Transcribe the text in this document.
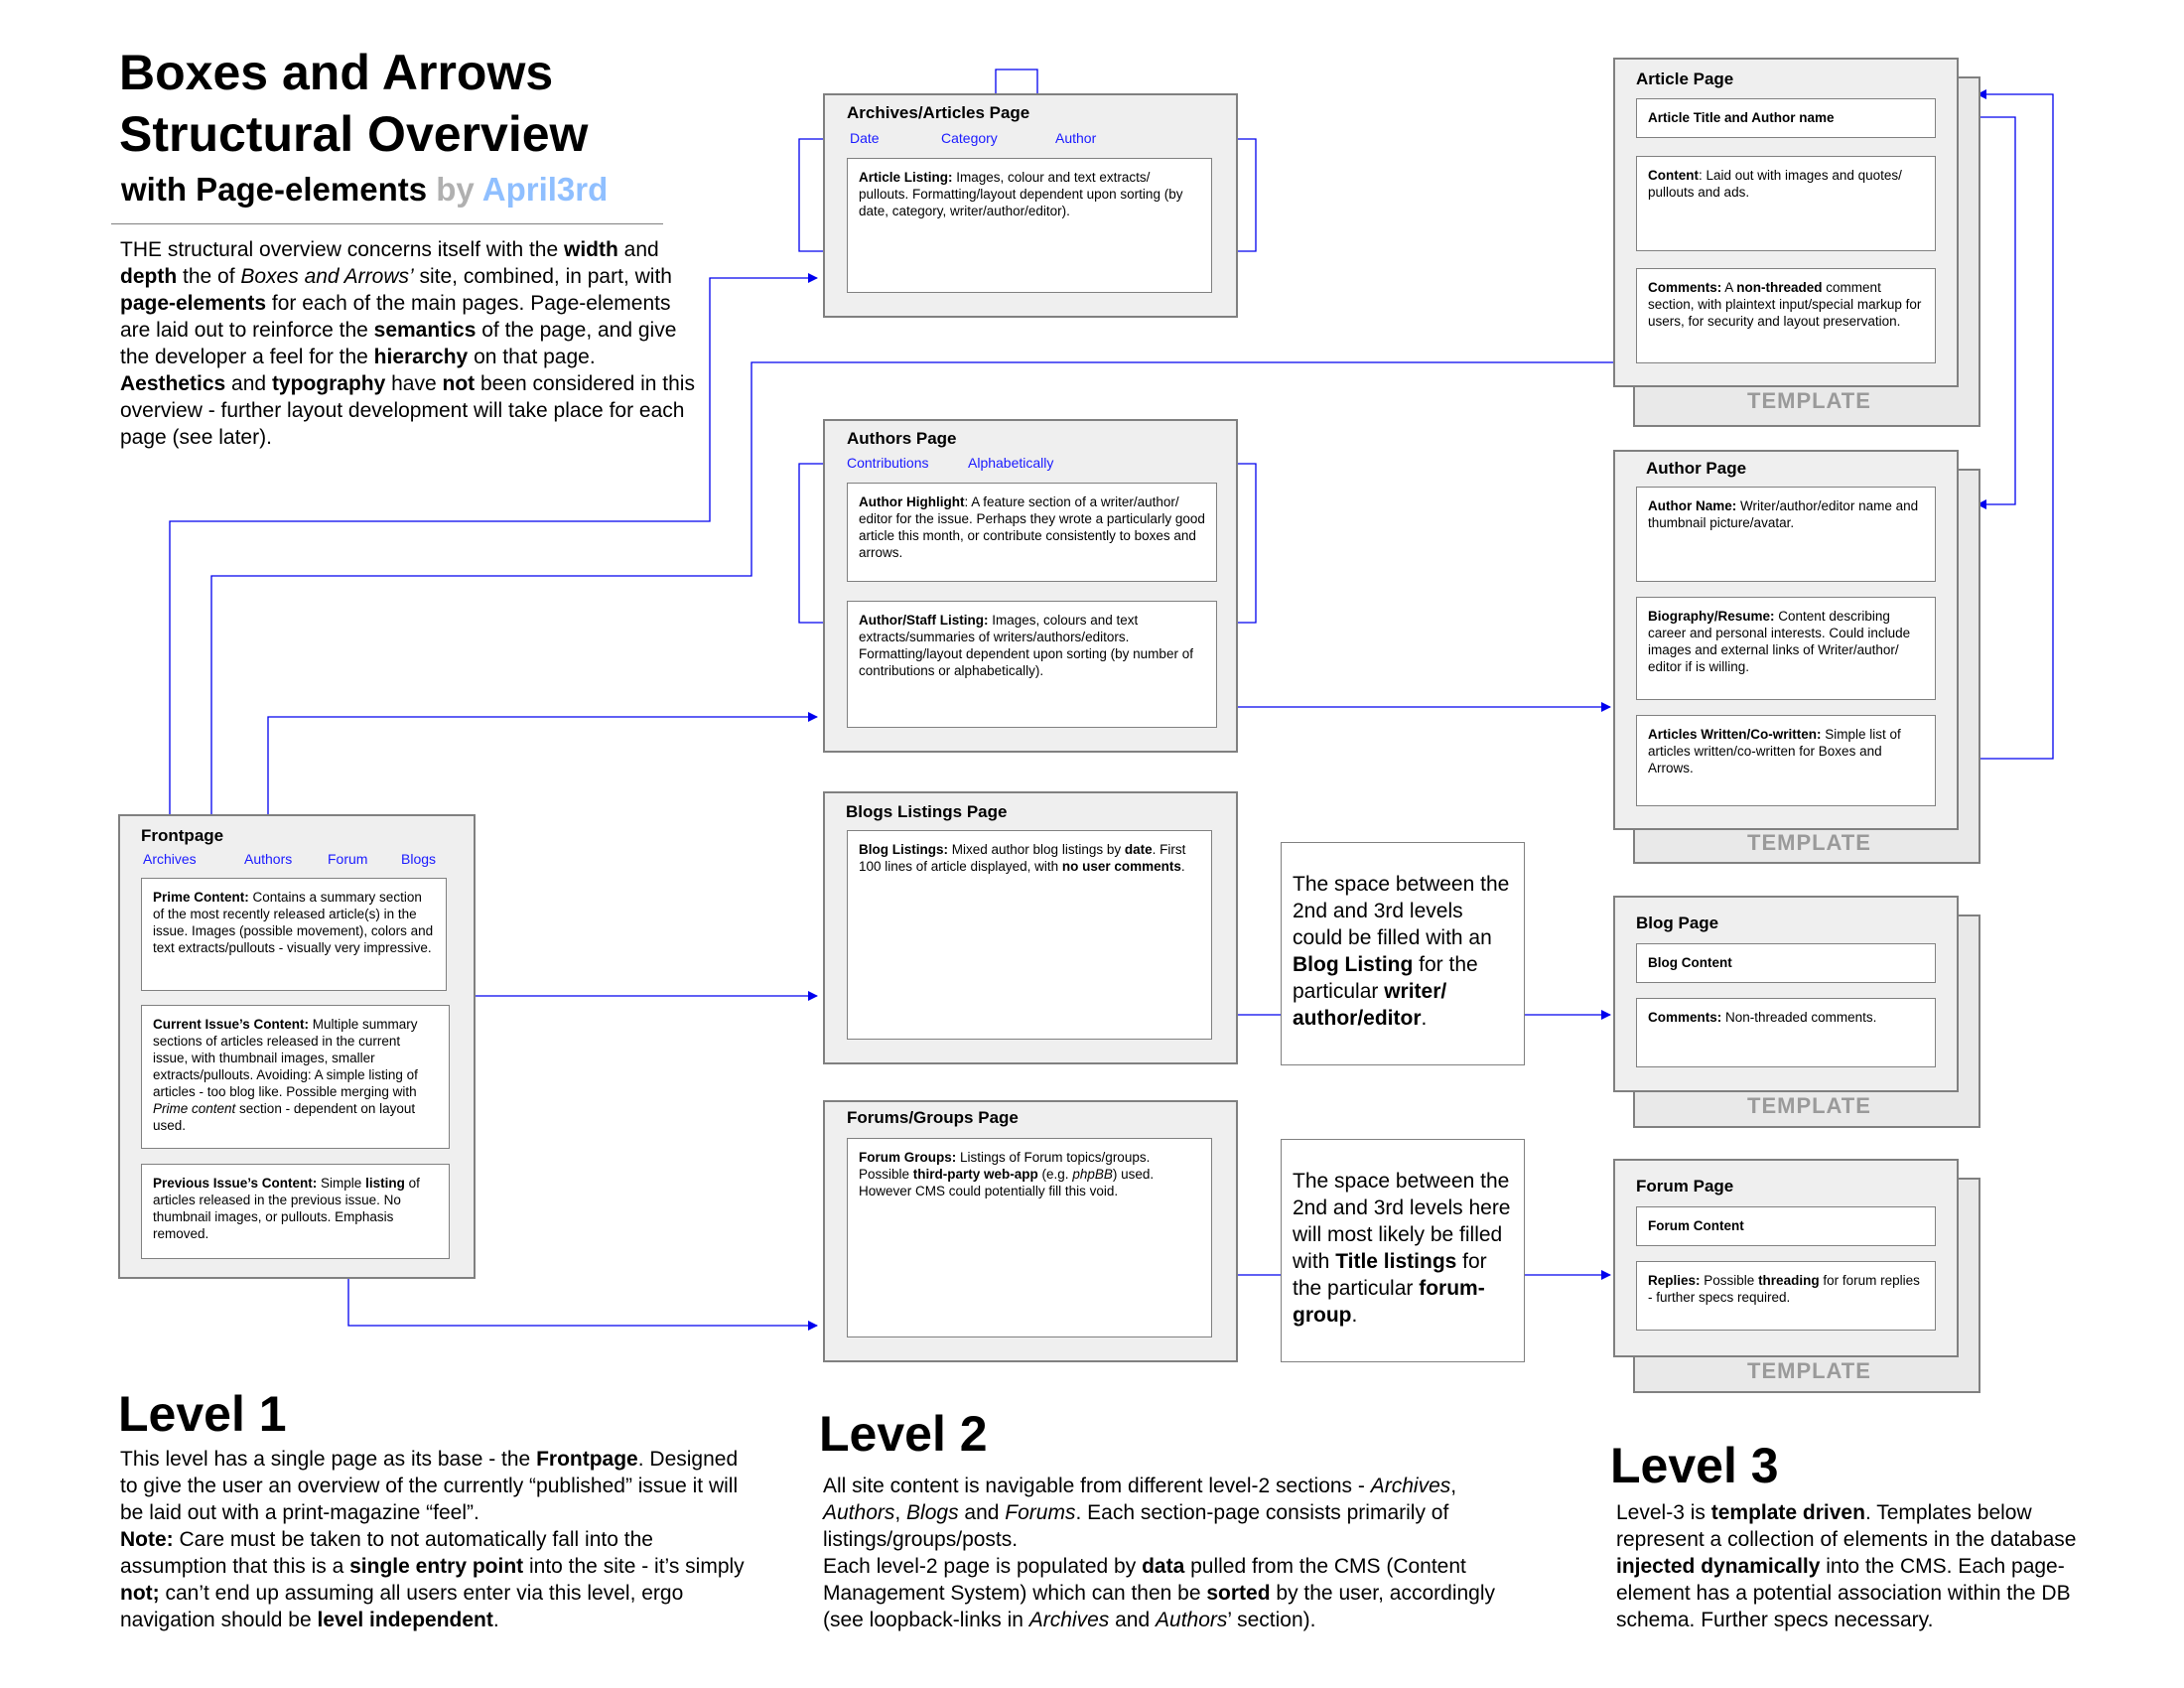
Boxes and Arrows
Structural Overview
with Page-elements by April3rd
THE structural overview concerns itself with the width and depth the of Boxes and Arrows’ site, combined, in part, with page-elements for each of the main pages. Page-elements are laid out to reinforce the semantics of the page, and give the developer a feel for the hierarchy on that page.
Aesthetics and typography have not been considered in this overview - further layout development will take place for each page (see later).
Frontpage
Archives	Authors	Forum Blogs
Prime Content: Contains a summary section of the most recently released article(s) in the issue. Images (possible movement), colors and text extracts/pullouts - visually very impressive.
Current Issue’s Content: Multiple summary sections of articles released in the current issue, with thumbnail images, smaller extracts/pullouts. Avoiding: A simple listing of articles - too blog like. Possible merging with Prime content section - dependent on layout used.
Previous Issue’s Content: Simple listing of articles released in the previous issue. No thumbnail images, or pullouts. Emphasis removed.
Archives/Articles Page
Date	Category	Author
Article Listing: Images, colour and text extracts/ pullouts. Formatting/layout dependent upon sorting (by date, category, writer/author/editor).
Authors Page
Contributions	Alphabetically
Author Highlight: A feature section of a writer/author/ editor for the issue. Perhaps they wrote a particularly good article this month, or contribute consistently to boxes and arrows.
Author/Staff Listing: Images, colours and text extracts/summaries of writers/authors/editors. Formatting/layout dependent upon sorting (by number of contributions or alphabetically).
Blogs Listings Page
Blog Listings: Mixed author blog listings by date. First 100 lines of article displayed, with no user comments.
Forums/Groups Page
Forum Groups: Listings of Forum topics/groups. Possible third-party web-app (e.g. phpBB) used. However CMS could potentially fill this void.
The space between the 2nd and 3rd levels could be filled with an Blog Listing for the particular writer/ author/editor.
The space between the 2nd and 3rd levels here will most likely be filled with Title listings for the particular forum-group.
TEMPLATE
Article Page
Article Title and Author name
Content: Laid out with images and quotes/ pullouts and ads.
Comments: A non-threaded comment section, with plaintext input/special markup for users, for security and layout preservation.
TEMPLATE
Author Page
Author Name: Writer/author/editor name and thumbnail picture/avatar.
Biography/Resume: Content describing career and personal interests. Could include images and external links of Writer/author/ editor if is willing.
Articles Written/Co-written: Simple list of articles written/co-written for Boxes and Arrows.
TEMPLATE
Blog Page
Blog Content
Comments: Non-threaded comments.
TEMPLATE
Forum Page
Forum Content
Replies: Possible threading for forum replies - further specs required.
Level 1
This level has a single page as its base - the Frontpage. Designed to give the user an overview of the currently “published” issue it will be laid out with a print-magazine “feel”.
Note: Care must be taken to not automatically fall into the assumption that this is a single entry point into the site - it’s simply not; can’t end up assuming all users enter via this level, ergo navigation should be level independent.
Level 2
All site content is navigable from different level-2 sections - Archives, Authors, Blogs and Forums. Each section-page consists primarily of listings/groups/posts.
Each level-2 page is populated by data pulled from the CMS (Content Management System) which can then be sorted by the user, accordingly (see loopback-links in Archives and Authors’ section).
Level 3
Level-3 is template driven. Templates below represent a collection of elements in the database injected dynamically into the CMS. Each page-element has a potential association within the DB schema. Further specs necessary.
